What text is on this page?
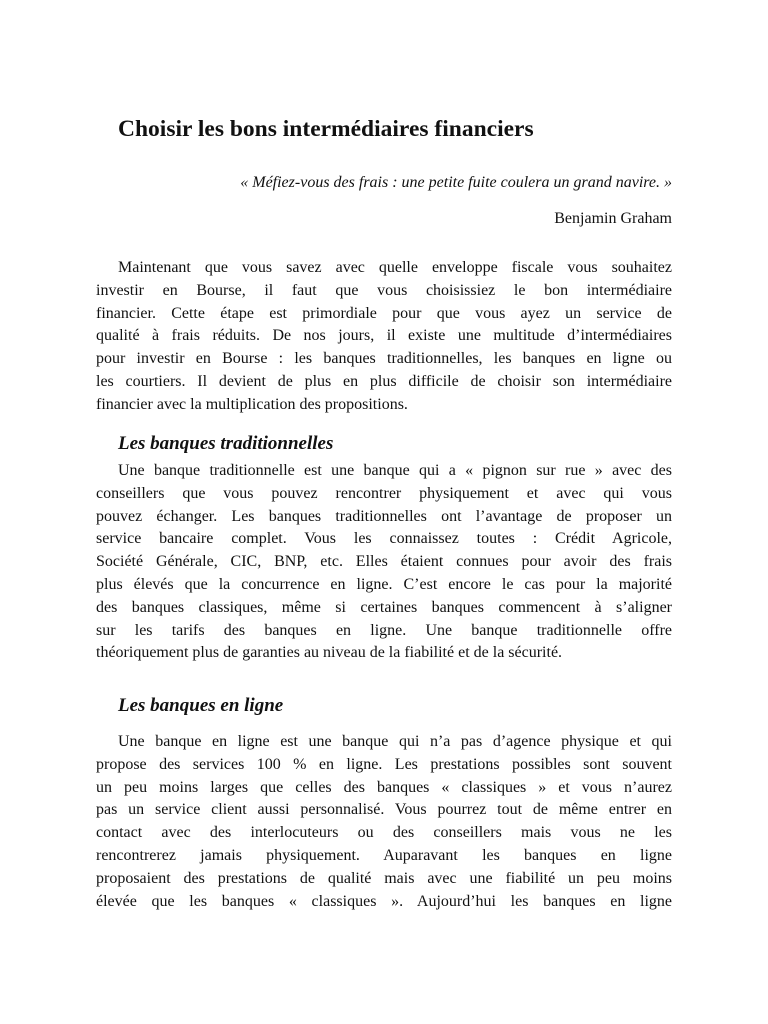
Choisir les bons intermédiaires financiers

« Méfiez-vous des frais : une petite fuite coulera un grand navire. »

Benjamin Graham

Maintenant que vous savez avec quelle enveloppe fiscale vous souhaitez
investir en Bourse, il faut que vous choisissiez le bon intermédiaire
financier. Cette étape est primordiale pour que vous ayez un service de
qualité à frais réduits. De nos jours, il existe une multitude d’intermédiaires
pour investir en Bourse : les banques traditionnelles, les banques en ligne ou
les courtiers. Il devient de plus en plus difficile de choisir son intermédiaire
financier avec la multiplication des propositions.
Les banques traditionnelles
Une banque traditionnelle est une banque qui a « pignon sur rue » avec des
conseillers que vous pouvez rencontrer physiquement et avec qui vous
pouvez échanger. Les banques traditionnelles ont l’avantage de proposer un
service bancaire complet. Vous les connaissez toutes : Crédit Agricole,
Société Générale, CIC, BNP, etc. Elles étaient connues pour avoir des frais
plus élevés que la concurrence en ligne. C’est encore le cas pour la majorité
des banques classiques, même si certaines banques commencent à s’aligner
sur les tarifs des banques en ligne. Une banque traditionnelle offre
théoriquement plus de garanties au niveau de la fiabilité et de la sécurité.
Les banques en ligne
Une banque en ligne est une banque qui n’a pas d’agence physique et qui
propose des services 100 % en ligne. Les prestations possibles sont souvent
un peu moins larges que celles des banques « classiques » et vous n’aurez
pas un service client aussi personnalisé. Vous pourrez tout de même entrer en
contact avec des interlocuteurs ou des conseillers mais vous ne les
rencontrerez jamais physiquement. Auparavant les banques en ligne
proposaient des prestations de qualité mais avec une fiabilité un peu moins
élevée que les banques « classiques ». Aujourd’hui les banques en ligne
